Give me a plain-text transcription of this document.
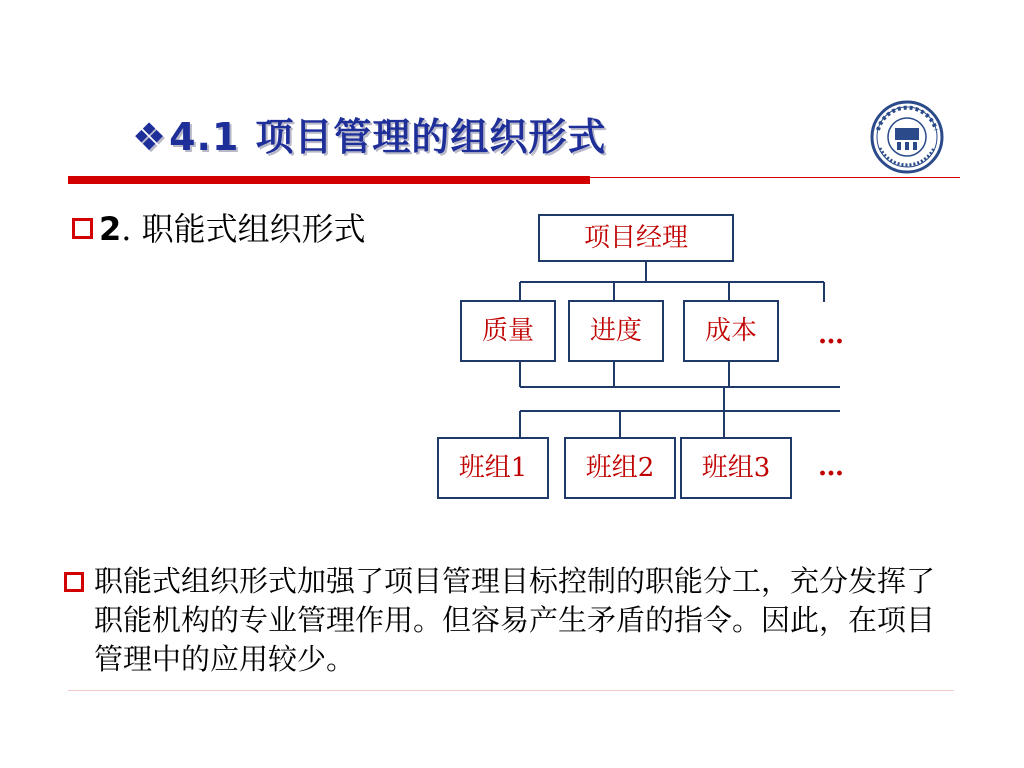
❖4.1 项目管理的组织形式
2. 职能式组织形式	项目经理
质量	进度	成本	…
班组1	班组2	班组3	…
职能式组织形式加强了项目管理目标控制的职能分工，充分发挥了职能机构的专业管理作用。但容易产生矛盾的指令。因此，在项目管理中的应用较少。
